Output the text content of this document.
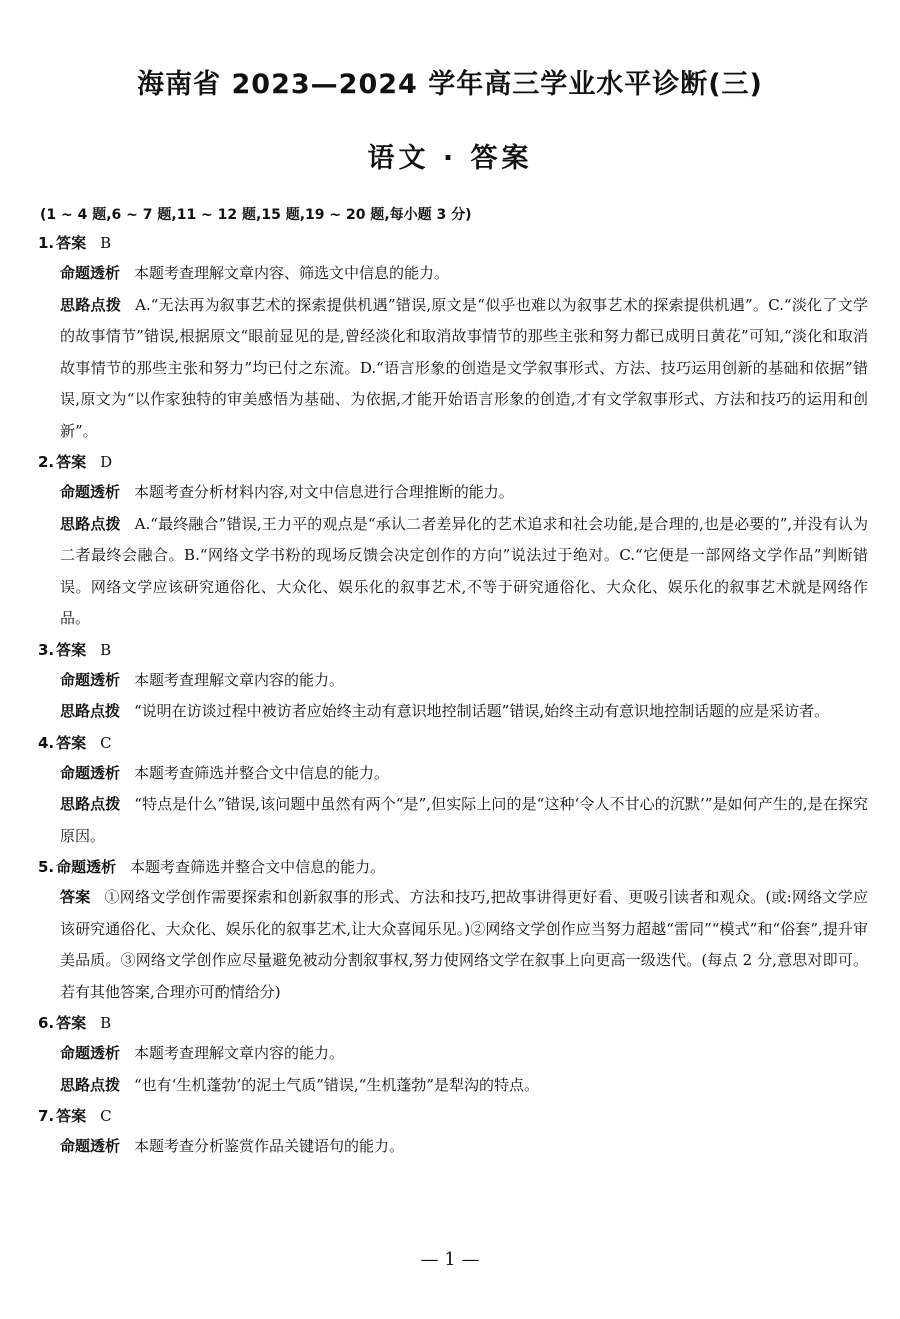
海南省 2023—2024 学年高三学业水平诊断(三)
语文 · 答案
(1 ~ 4 题,6 ~ 7 题,11 ~ 12 题,15 题,19 ~ 20 题,每小题 3 分)
1. 答案 B
命题透析 本题考查理解文章内容、筛选文中信息的能力。
思路点拨 A.“无法再为叙事艺术的探索提供机遇”错误,原文是“似乎也难以为叙事艺术的探索提供机遇”。C.“淡化了文学的故事情节”错误,根据原文“眼前显见的是,曾经淡化和取消故事情节的那些主张和努力都已成明日黄花”可知,“淡化和取消故事情节的那些主张和努力”均已付之东流。D.“语言形象的创造是文学叙事形式、方法、技巧运用创新的基础和依据”错误,原文为“以作家独特的审美感悟为基础、为依据,才能开始语言形象的创造,才有文学叙事形式、方法和技巧的运用和创新”。
2. 答案 D
命题透析 本题考查分析材料内容,对文中信息进行合理推断的能力。
思路点拨 A.“最终融合”错误,王力平的观点是“承认二者差异化的艺术追求和社会功能,是合理的,也是必要的”,并没有认为二者最终会融合。B.“网络文学书粉的现场反馈会决定创作的方向”说法过于绝对。C.“它便是一部网络文学作品”判断错误。网络文学应该研究通俗化、大众化、娱乐化的叙事艺术,不等于研究通俗化、大众化、娱乐化的叙事艺术就是网络作品。
3. 答案 B
命题透析 本题考查理解文章内容的能力。
思路点拨 “说明在访谈过程中被访者应始终主动有意识地控制话题”错误,始终主动有意识地控制话题的应是采访者。
4. 答案 C
命题透析 本题考查筛选并整合文中信息的能力。
思路点拨 “特点是什么”错误,该问题中虽然有两个“是”,但实际上问的是“这种‘令人不甘心的沉默’”是如何产生的,是在探究原因。
5. 命题透析 本题考查筛选并整合文中信息的能力。
答案 ①网络文学创作需要探索和创新叙事的形式、方法和技巧,把故事讲得更好看、更吸引读者和观众。(或:网络文学应该研究通俗化、大众化、娱乐化的叙事艺术,让大众喜闻乐见。)②网络文学创作应当努力超越“雷同”“模式”和“俗套”,提升审美品质。③网络文学创作应尽量避免被动分割叙事权,努力使网络文学在叙事上向更高一级迭代。(每点 2 分,意思对即可。若有其他答案,合理亦可酌情给分)
6. 答案 B
命题透析 本题考查理解文章内容的能力。
思路点拨 “也有‘生机蓬勃’的泥土气质”错误,“生机蓬勃”是犁沟的特点。
7. 答案 C
命题透析 本题考查分析鉴赏作品关键语句的能力。
— 1 —
